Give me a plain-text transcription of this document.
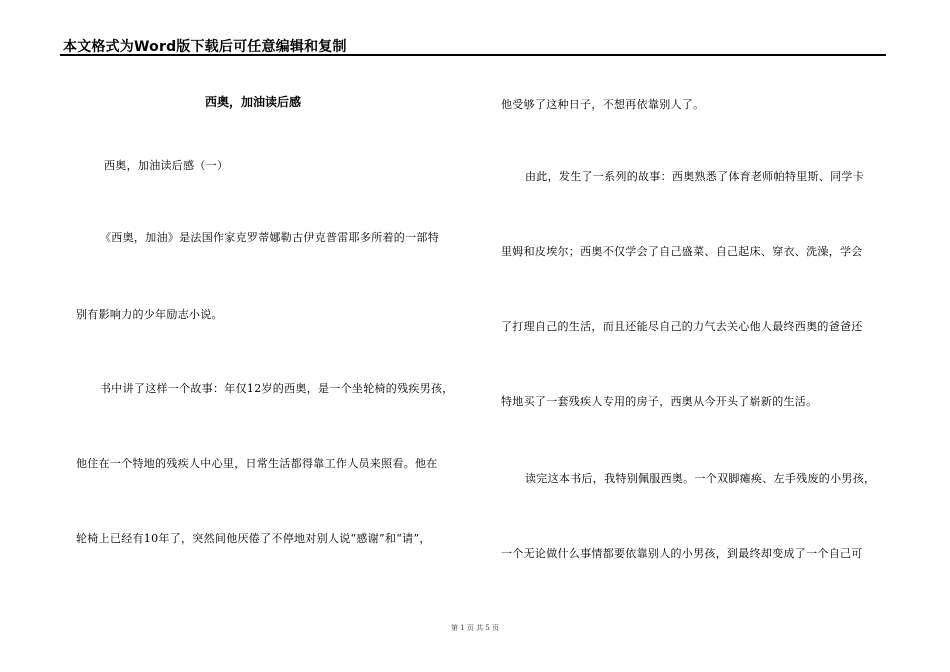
本文格式为Word版下载后可任意编辑和复制
西奥，加油读后感
西奥，加油读后感（一）
《西奥，加油》是法国作家克罗蒂娜勒古伊克普雷耶多所着的一部特
别有影响力的少年励志小说。
书中讲了这样一个故事：年仅12岁的西奥，是一个坐轮椅的残疾男孩，
他住在一个特地的残疾人中心里，日常生活都得靠工作人员来照看。他在
轮椅上已经有10年了，突然间他厌倦了不停地对别人说“感谢”和“请”，
他受够了这种日子，不想再依靠别人了。
由此，发生了一系列的故事：西奥熟悉了体育老师帕特里斯、同学卡
里姆和皮埃尔；西奥不仅学会了自己盛菜、自己起床、穿衣、洗澡，学会
了打理自己的生活，而且还能尽自己的力气去关心他人最终西奥的爸爸还
特地买了一套残疾人专用的房子，西奥从今开头了崭新的生活。
读完这本书后，我特别佩服西奥。一个双脚瘫痪、左手残废的小男孩，
一个无论做什么事情都要依靠别人的小男孩，到最终却变成了一个自己可
第 1 页 共 5 页
